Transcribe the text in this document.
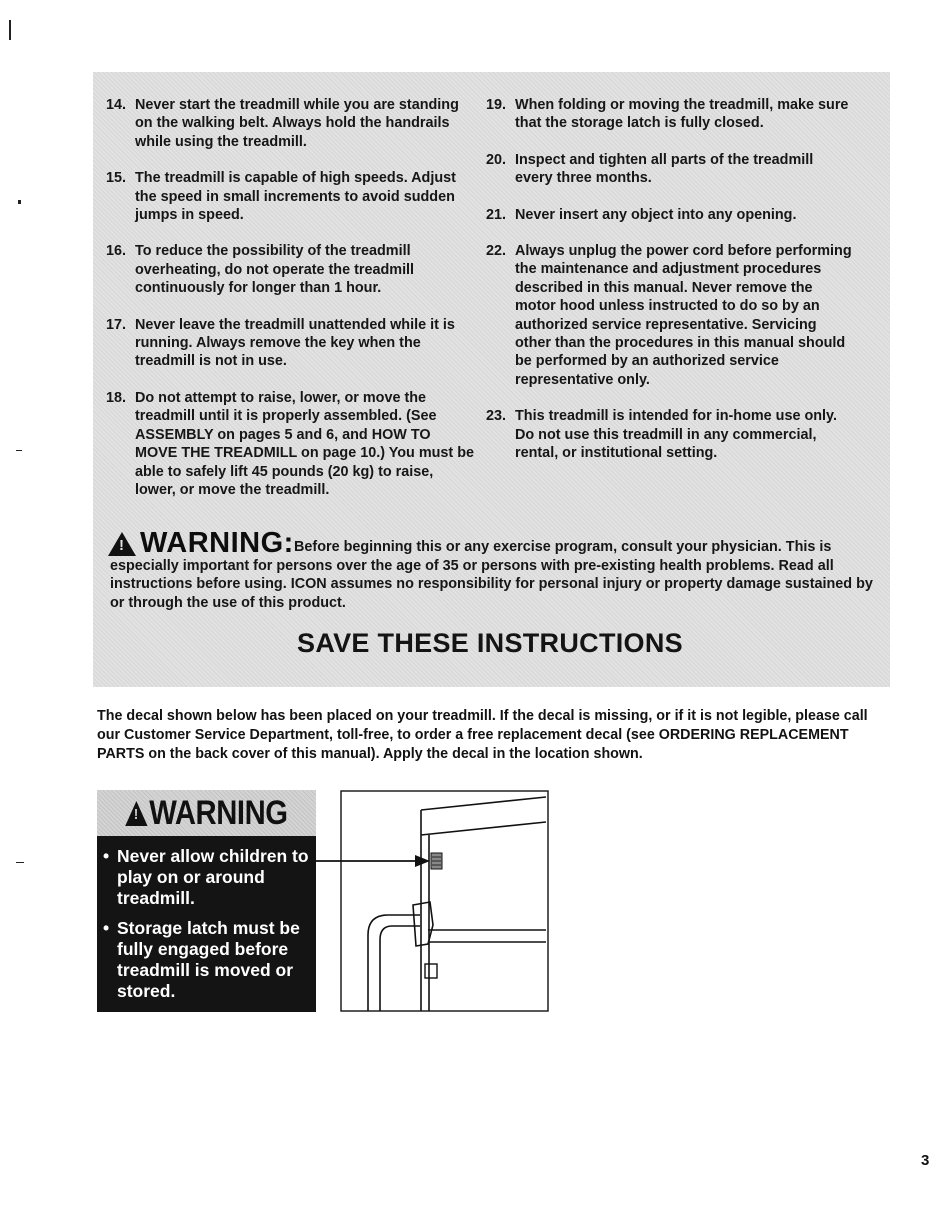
14. Never start the treadmill while you are standing on the walking belt. Always hold the handrails while using the treadmill.
15. The treadmill is capable of high speeds. Adjust the speed in small increments to avoid sudden jumps in speed.
16. To reduce the possibility of the treadmill overheating, do not operate the treadmill continuously for longer than 1 hour.
17. Never leave the treadmill unattended while it is running. Always remove the key when the treadmill is not in use.
18. Do not attempt to raise, lower, or move the treadmill until it is properly assembled. (See ASSEMBLY on pages 5 and 6, and HOW TO MOVE THE TREADMILL on page 10.) You must be able to safely lift 45 pounds (20 kg) to raise, lower, or move the treadmill.
19. When folding or moving the treadmill, make sure that the storage latch is fully closed.
20. Inspect and tighten all parts of the treadmill every three months.
21. Never insert any object into any opening.
22. Always unplug the power cord before performing the maintenance and adjustment procedures described in this manual. Never remove the motor hood unless instructed to do so by an authorized service representative. Servicing other than the procedures in this manual should be performed by an authorized service representative only.
23. This treadmill is intended for in-home use only. Do not use this treadmill in any commercial, rental, or institutional setting.
! WARNING: Before beginning this or any exercise program, consult your physician. This is especially important for persons over the age of 35 or persons with pre-existing health problems. Read all instructions before using. ICON assumes no responsibility for personal injury or property damage sustained by or through the use of this product.
SAVE THESE INSTRUCTIONS
The decal shown below has been placed on your treadmill. If the decal is missing, or if it is not legible, please call our Customer Service Department, toll-free, to order a free replacement decal (see ORDERING REPLACEMENT PARTS on the back cover of this manual). Apply the decal in the location shown.
! WARNING
• Never allow children to play on or around treadmill.
• Storage latch must be fully engaged before treadmill is moved or stored.
3
